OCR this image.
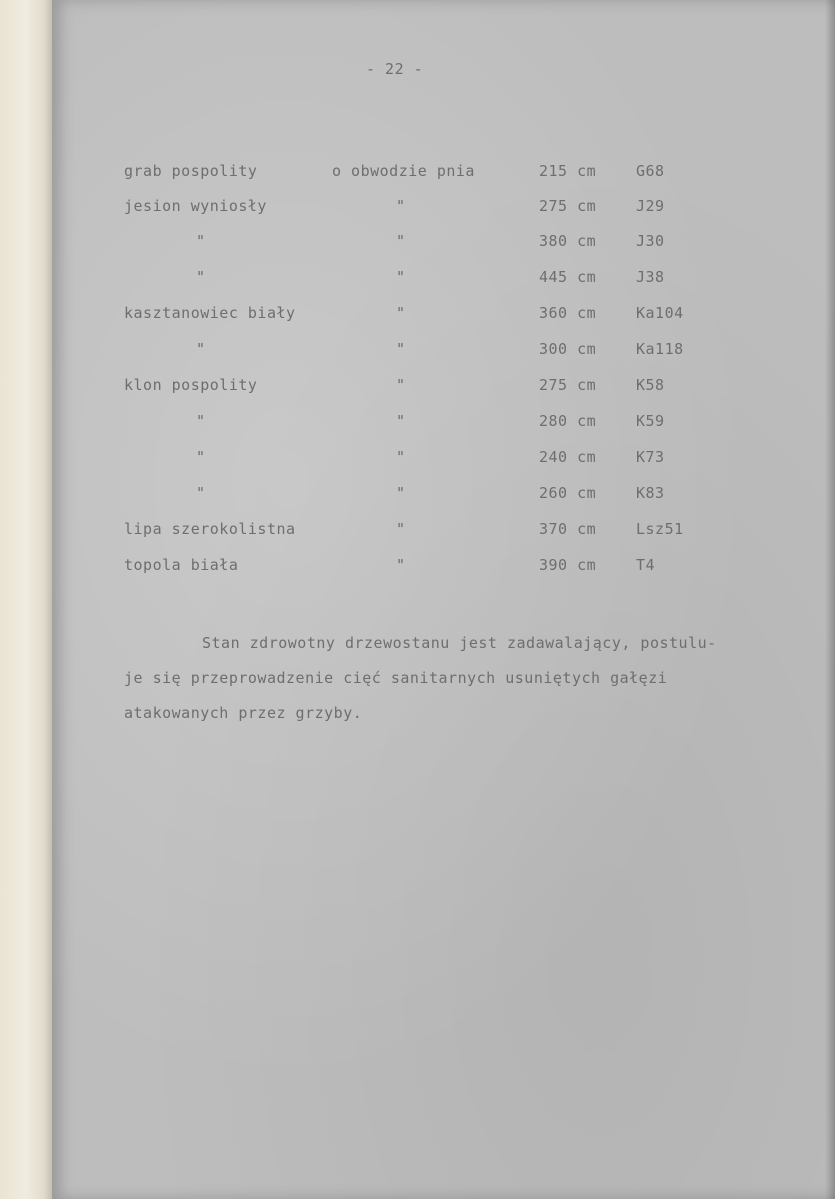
- 22 -
grab pospolity	o obwodzie pnia	215 cm	G68
jesion wyniosły	"	275 cm	J29
"	"	380 cm	J30
"	"	445 cm	J38
kasztanowiec biały	"	360 cm	Ka104
"	"	300 cm	Ka118
klon pospolity	"	275 cm	K58
"	"	280 cm	K59
"	"	240 cm	K73
"	"	260 cm	K83
lipa szerokolistna	"	370 cm	Lsz51
topola biała	"	390 cm	T4
Stan zdrowotny drzewostanu jest zadawalający, postulu-
je się przeprowadzenie cięć sanitarnych usuniętych gałęzi
atakowanych przez grzyby.
